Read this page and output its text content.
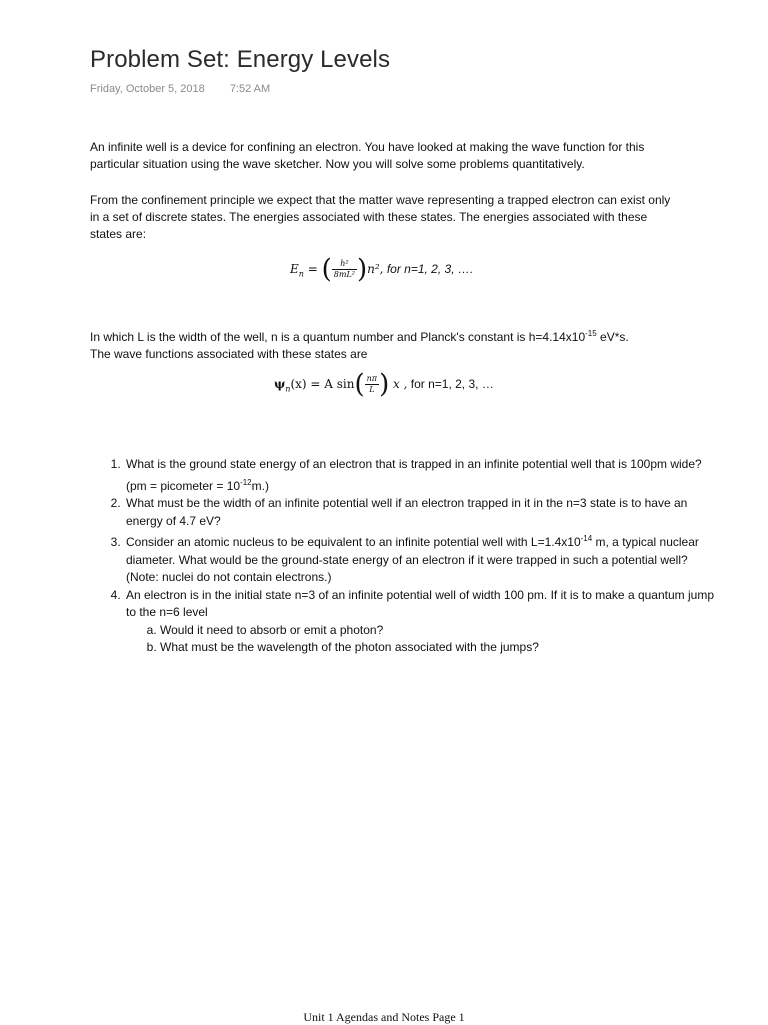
Problem Set: Energy Levels
Friday, October 5, 2018 7:52 AM
An infinite well is a device for confining an electron. You have looked at making the wave function for this particular situation using the wave sketcher. Now you will solve some problems quantitatively.
From the confinement principle we expect that the matter wave representing a trapped electron can exist only in a set of discrete states. The energies associated with these states. The energies associated with these states are:
$E_n$ = ( $\frac{\text{h²}}{\text{8mL²}} )n^2$, for n=1, 2, 3, ….
In which L is the width of the well, n is a quantum number and Planck's constant is $h=4.14x10^{-15}$ eV*s.
The wave functions associated with these states are
$\psi_n(x) = A$ $\sin( \frac{n\pi}{L}$ ) x , for n=1, 2, 3, …
1. What is the ground state energy of an electron that is trapped in an infinite potential well that is 100pm wide? (pm = picometer = $10^{-12}m$.)
2. What must be the width of an infinite potential well if an electron trapped in it in the n=3 state is to have an energy of 4.7 eV?
3. Consider an atomic nucleus to be equivalent to an infinite potential well with $L=1.4x10^{-14}$ m, a typical nuclear diameter. What would be the ground-state energy of an electron if it were trapped in such a potential well? (Note: nuclei do not contain electrons.)
4. An electron is in the initial state n=3 of an infinite potential well of width 100 pm. If it is to make a quantum jump to the n=6 level
a. Would it need to absorb or emit a photon?
b. What must be the wavelength of the photon associated with the jumps?
Unit 1 Agendas and Notes Page 1
